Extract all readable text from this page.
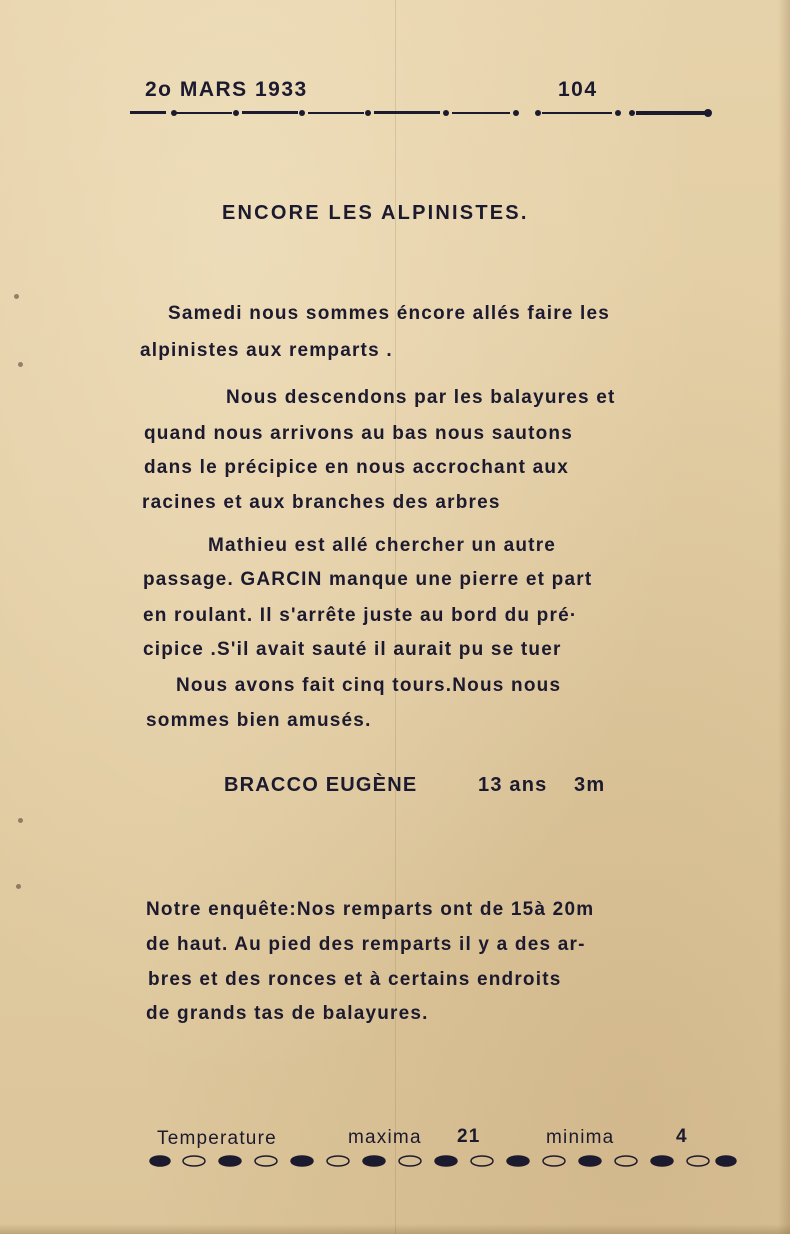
2o MARS 1933	104
ENCORE LES ALPINISTES.
Samedi nous sommes éncore allés faire les
alpinistes aux remparts .
Nous descendons par les balayures et
quand nous arrivons au bas nous sautons
dans le précipice en nous accrochant aux
racines et aux branches des arbres
Mathieu est allé chercher un autre
passage. GARCIN manque une pierre et part
en roulant. Il s'arrête juste au bord du pré·
cipice .S'il avait sauté il aurait pu se tuer
Nous avons fait cinq tours.Nous nous
sommes bien amusés.
BRACCO EUGÈNE	13 ans 3m
Notre enquête:Nos remparts ont de 15à 20m
de haut. Au pied des remparts il y a des ar-
bres et des ronces et à certains endroits
de grands tas de balayures.
Temperature	maxima 21	minima	4
